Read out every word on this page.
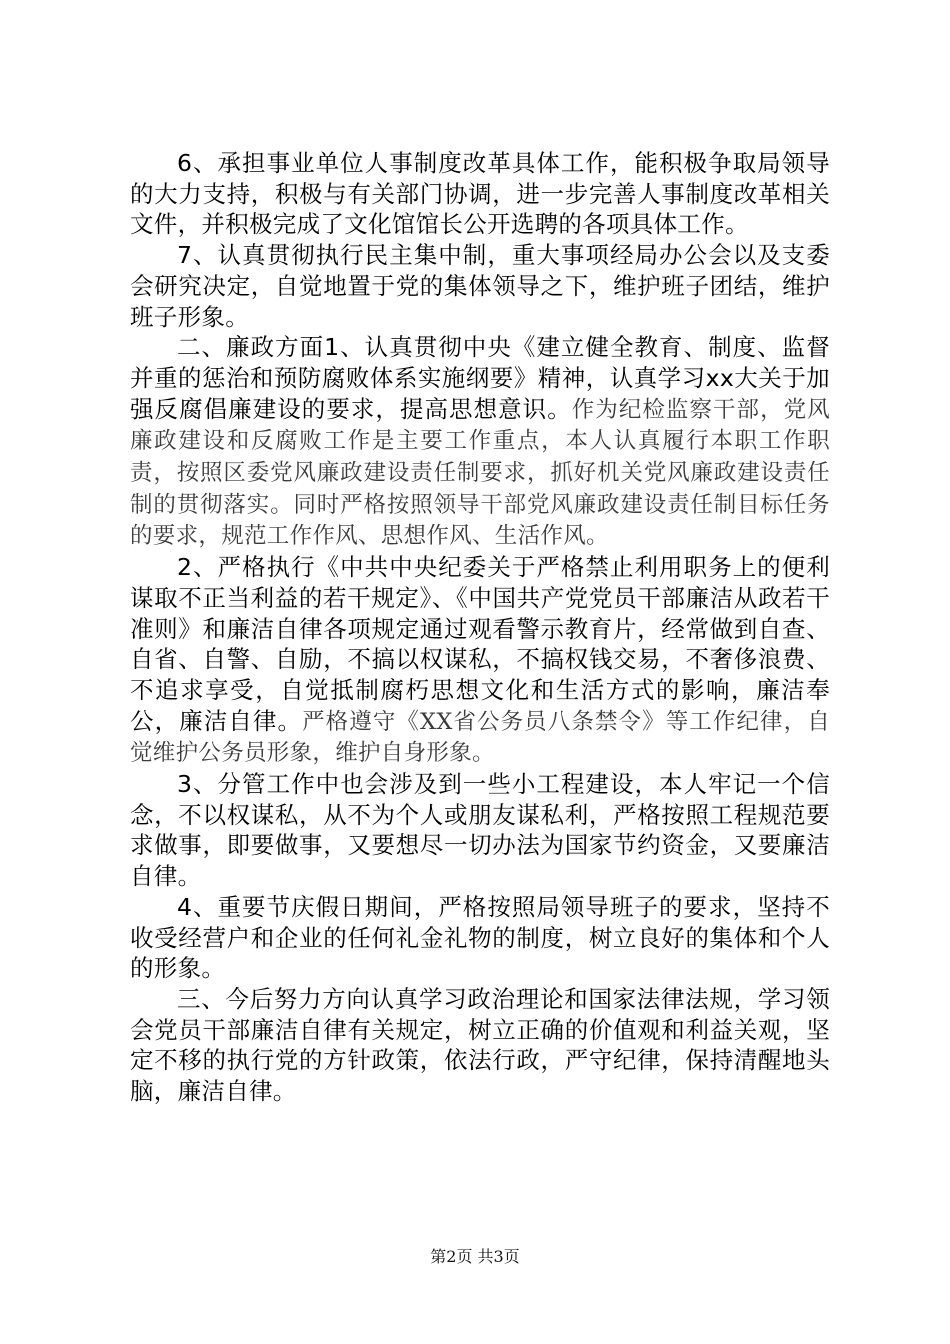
6、承担事业单位人事制度改革具体工作，能积极争取局领导的大力支持，积极与有关部门协调，进一步完善人事制度改革相关文件，并积极完成了文化馆馆长公开选聘的各项具体工作。

7、认真贯彻执行民主集中制，重大事项经局办公会以及支委会研究决定，自觉地置于党的集体领导之下，维护班子团结，维护班子形象。

二、廉政方面1、认真贯彻中央《建立健全教育、制度、监督并重的惩治和预防腐败体系实施纲要》精神，认真学习xx大关于加强反腐倡廉建设的要求，提高思想意识。作为纪检监察干部，党风廉政建设和反腐败工作是主要工作重点，本人认真履行本职工作职责，按照区委党风廉政建设责任制要求，抓好机关党风廉政建设责任制的贯彻落实。同时严格按照领导干部党风廉政建设责任制目标任务的要求，规范工作作风、思想作风、生活作风。

2、严格执行《中共中央纪委关于严格禁止利用职务上的便利谋取不正当利益的若干规定》、《中国共产党党员干部廉洁从政若干准则》和廉洁自律各项规定通过观看警示教育片，经常做到自查、自省、自警、自励，不搞以权谋私，不搞权钱交易，不奢侈浪费、不追求享受，自觉抵制腐朽思想文化和生活方式的影响，廉洁奉公，廉洁自律。严格遵守《XX省公务员八条禁令》等工作纪律，自觉维护公务员形象，维护自身形象。

3、分管工作中也会涉及到一些小工程建设，本人牢记一个信念，不以权谋私，从不为个人或朋友谋私利，严格按照工程规范要求做事，即要做事，又要想尽一切办法为国家节约资金，又要廉洁自律。

4、重要节庆假日期间，严格按照局领导班子的要求，坚持不收受经营户和企业的任何礼金礼物的制度，树立良好的集体和个人的形象。

三、今后努力方向认真学习政治理论和国家法律法规，学习领会党员干部廉洁自律有关规定，树立正确的价值观和利益关观，坚定不移的执行党的方针政策，依法行政，严守纪律，保持清醒地头脑，廉洁自律。

第2页 共3页
